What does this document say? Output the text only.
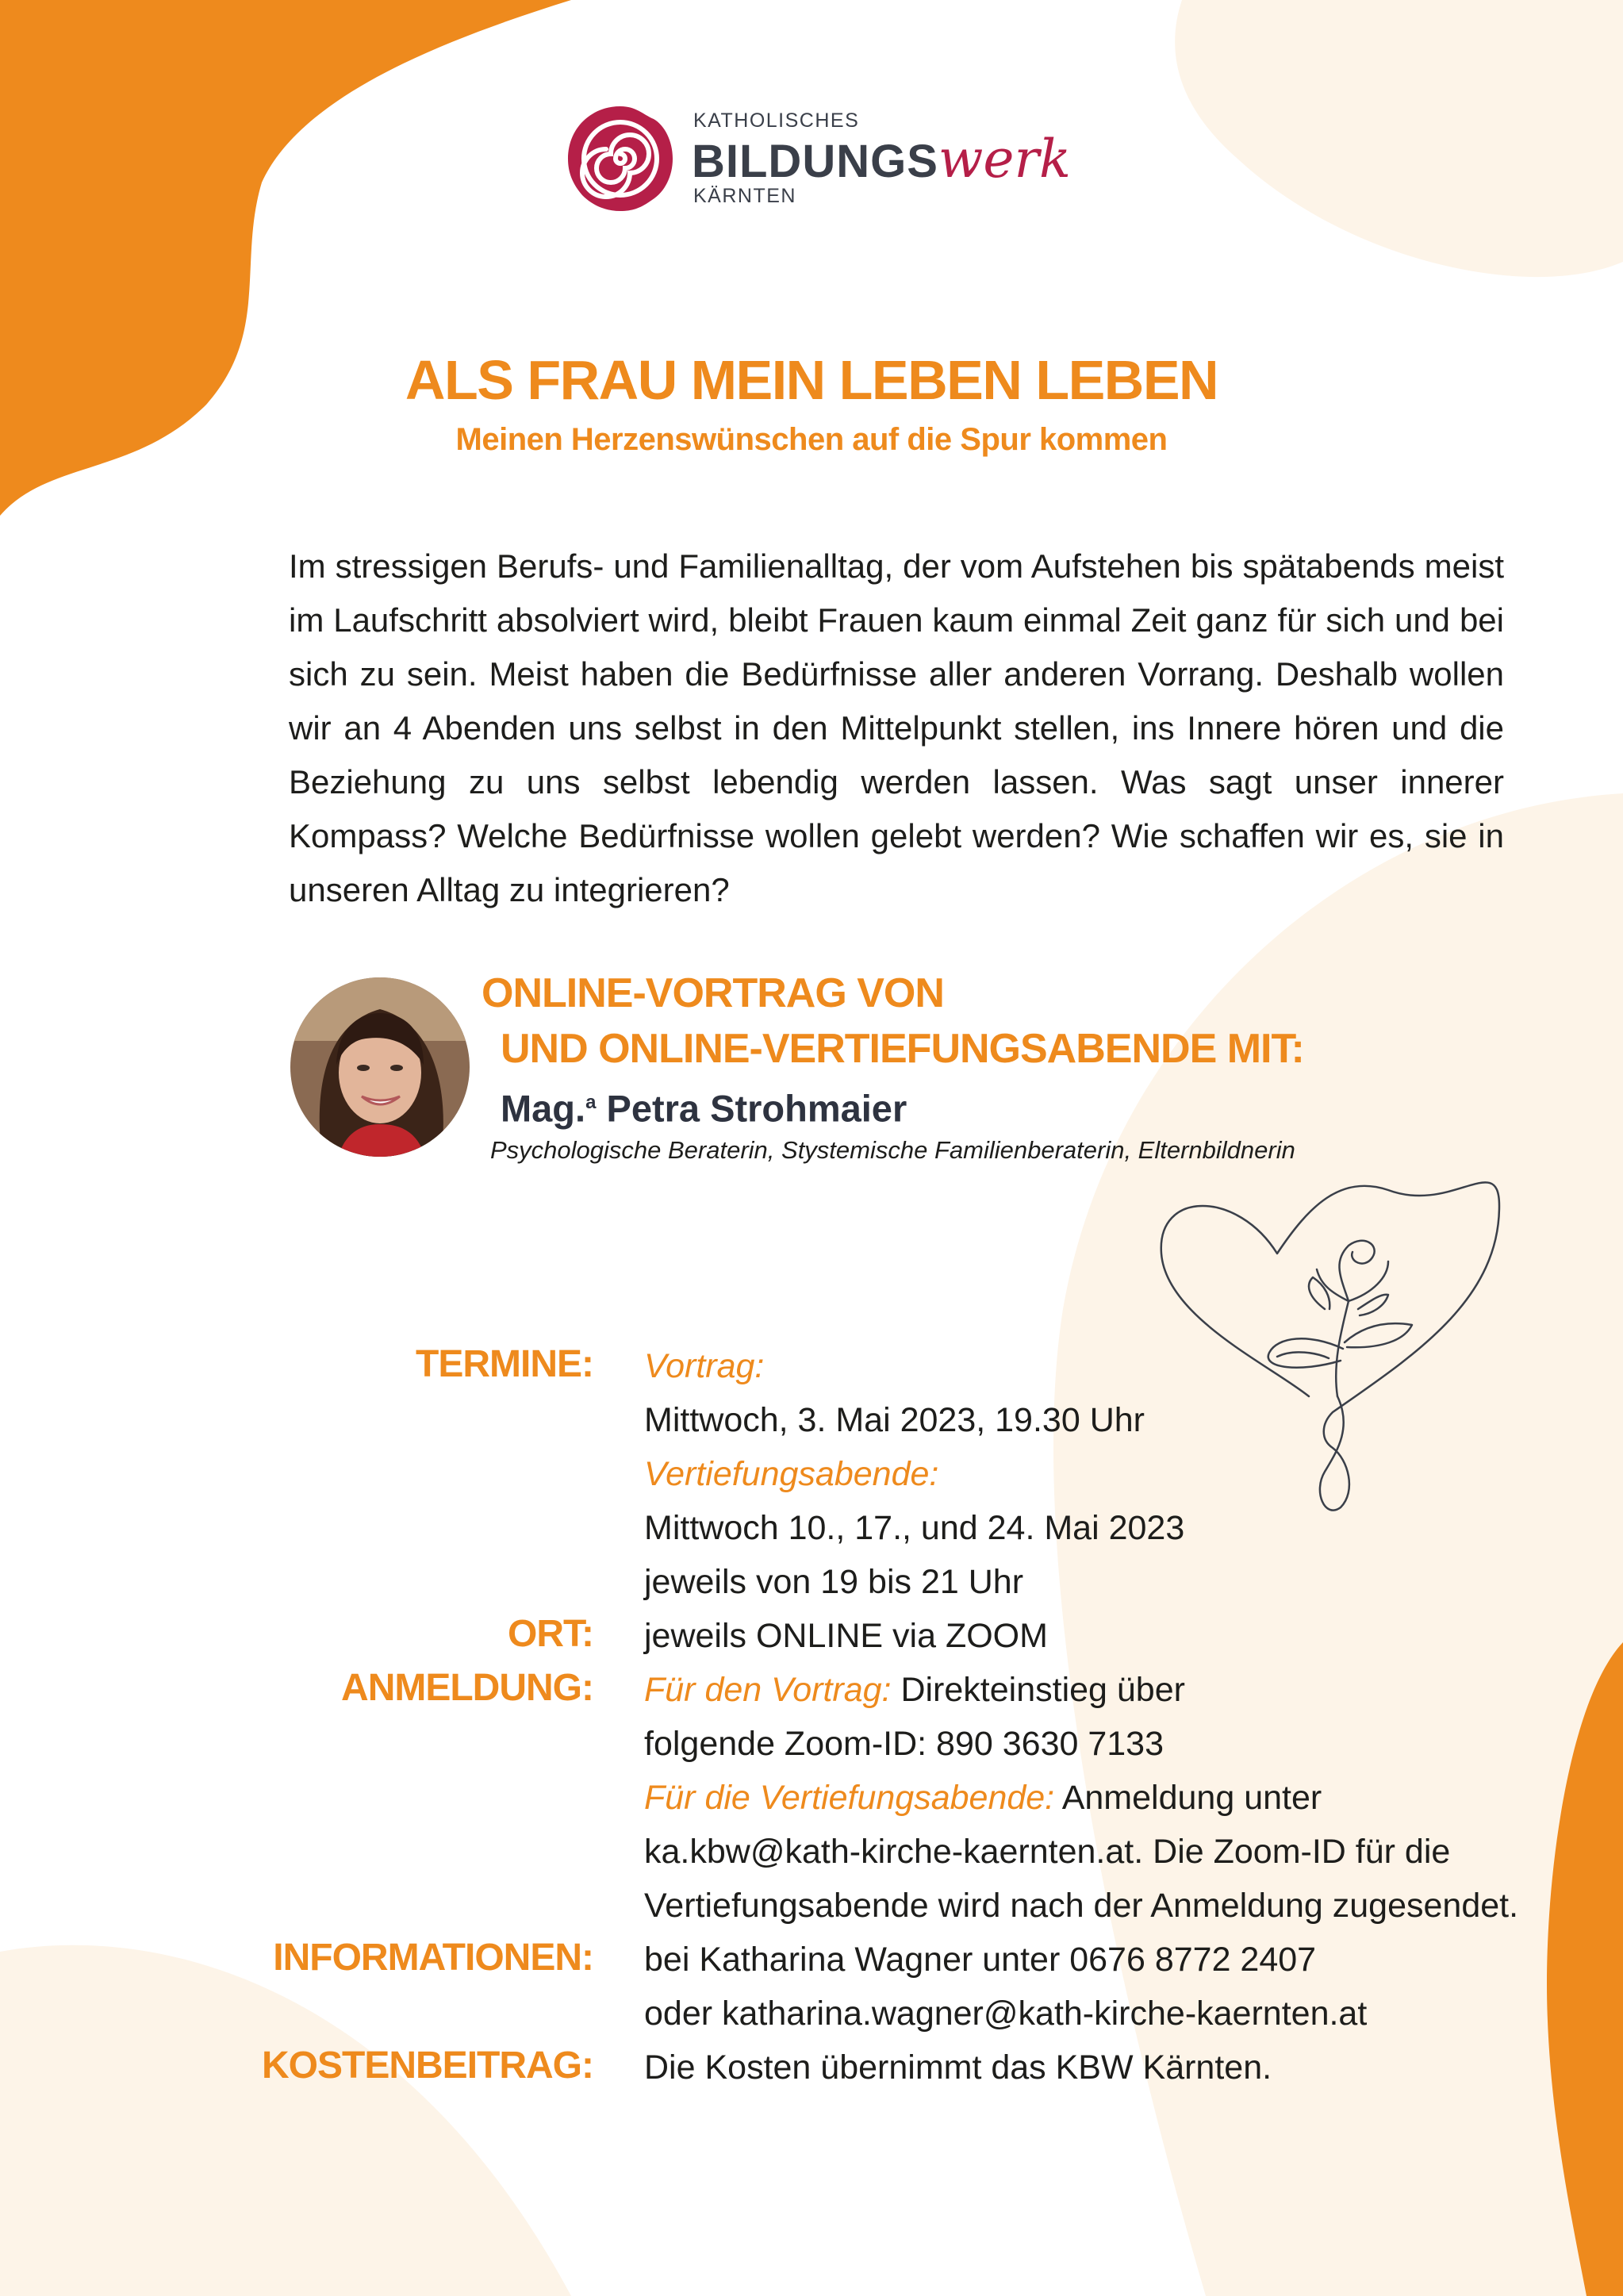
KATHOLISCHES
BILDUNGSwerk
KÄRNTEN
ALS FRAU MEIN LEBEN LEBEN
Meinen Herzenswünschen auf die Spur kommen
Im stressigen Berufs- und Familienalltag, der vom Aufstehen bis spätabends meist im Laufschritt absolviert wird, bleibt Frauen kaum einmal Zeit ganz für sich und bei sich zu sein. Meist haben die Bedürfnisse aller anderen Vorrang. Deshalb wollen wir an 4 Abenden uns selbst in den Mittelpunkt stellen, ins Innere hören und die Beziehung zu uns selbst lebendig werden lassen. Was sagt unser innerer Kompass? Welche Bedürfnisse wollen gelebt werden? Wie schaffen wir es, sie in unseren Alltag zu integrieren?
ONLINE-VORTRAG VON
UND ONLINE-VERTIEFUNGSABENDE MIT:
Mag.$^a$ Petra Strohmaier
Psychologische Beraterin, Stystemische Familienberaterin, Elternbildnerin
TERMINE: Vortrag:
Mittwoch, 3. Mai 2023, 19.30 Uhr
Vertiefungsabende:
Mittwoch 10., 17., und 24. Mai 2023
jeweils von 19 bis 21 Uhr
ORT: jeweils ONLINE via ZOOM
ANMELDUNG: Für den Vortrag: Direkteinstieg über
folgende Zoom-ID: 890 3630 7133
Für die Vertiefungsabende: Anmeldung unter
ka.kbw@kath-kirche-kaernten.at. Die Zoom-ID für die
Vertiefungsabende wird nach der Anmeldung zugesendet.
INFORMATIONEN: bei Katharina Wagner unter 0676 8772 2407
oder katharina.wagner@kath-kirche-kaernten.at
KOSTENBEITRAG: Die Kosten übernimmt das KBW Kärnten.
